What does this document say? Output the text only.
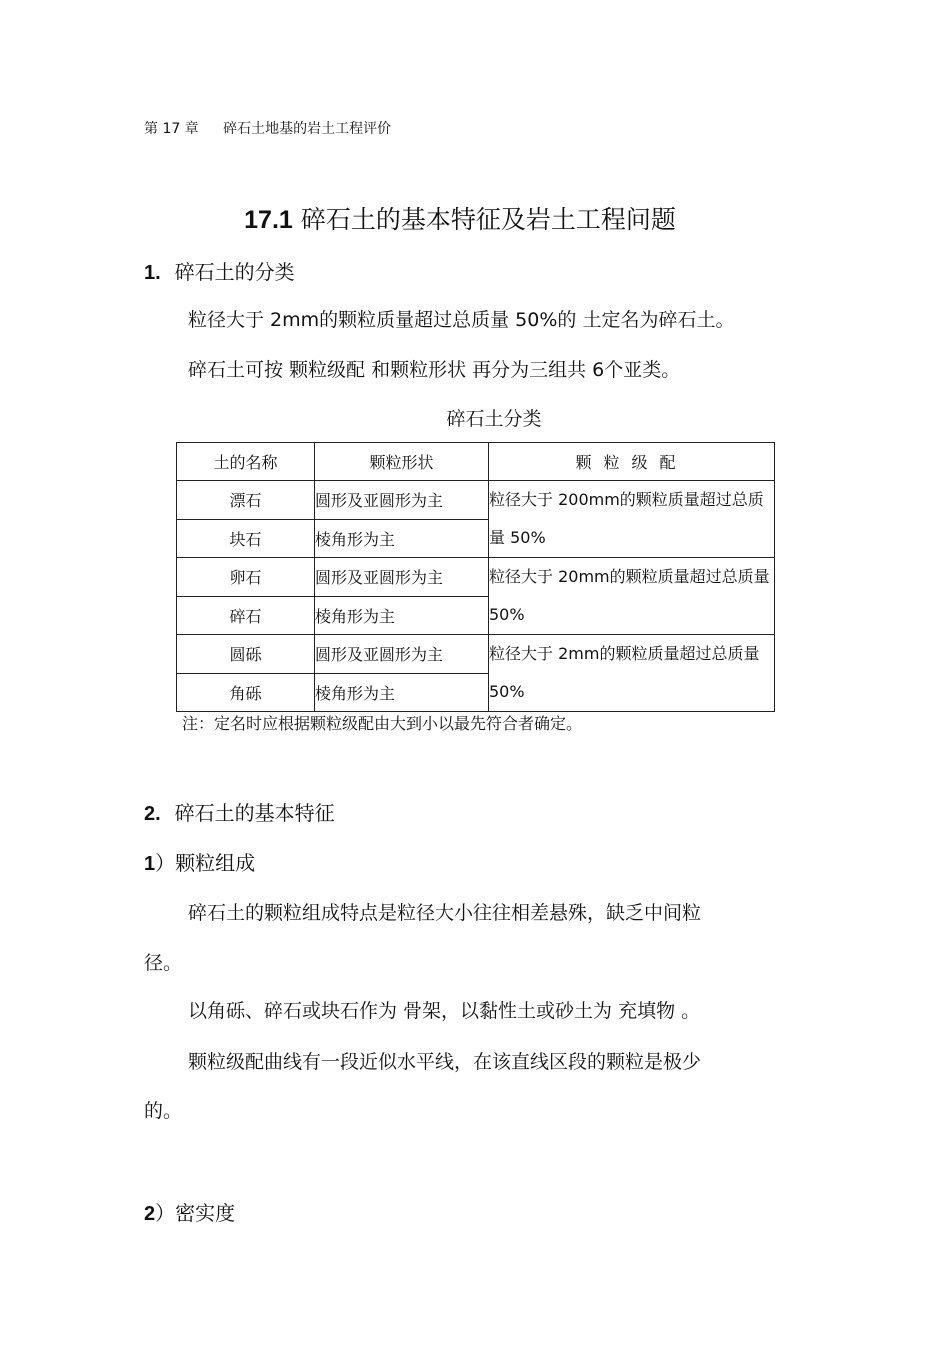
第 17 章 碎石土地基的岩土工程评价
17.1 碎石土的基本特征及岩土工程问题
1. 碎石土的分类
粒径大于 2mm的颗粒质量超过总质量 50%的 土定名为碎石土。
碎石土可按 颗粒级配 和颗粒形状 再分为三组共 6个亚类。
碎石土分类
土的名称	颗粒形状	颗粒级配
漂石	圆形及亚圆形为主	粒径大于 200mm的颗粒质量超过总质量 50%
块石	棱角形为主	
卵石	圆形及亚圆形为主	粒径大于 20mm的颗粒质量超过总质量50%
碎石	棱角形为主	
圆砾	圆形及亚圆形为主	粒径大于 2mm的颗粒质量超过总质量50%
角砾	棱角形为主	
注：定名时应根据颗粒级配由大到小以最先符合者确定。
2. 碎石土的基本特征
1）颗粒组成
碎石土的颗粒组成特点是粒径大小往往相差悬殊，缺乏中间粒
径。
以角砾、碎石或块石作为 骨架，以黏性土或砂土为 充填物 。
颗粒级配曲线有一段近似水平线，在该直线区段的颗粒是极少
的。
2）密实度
